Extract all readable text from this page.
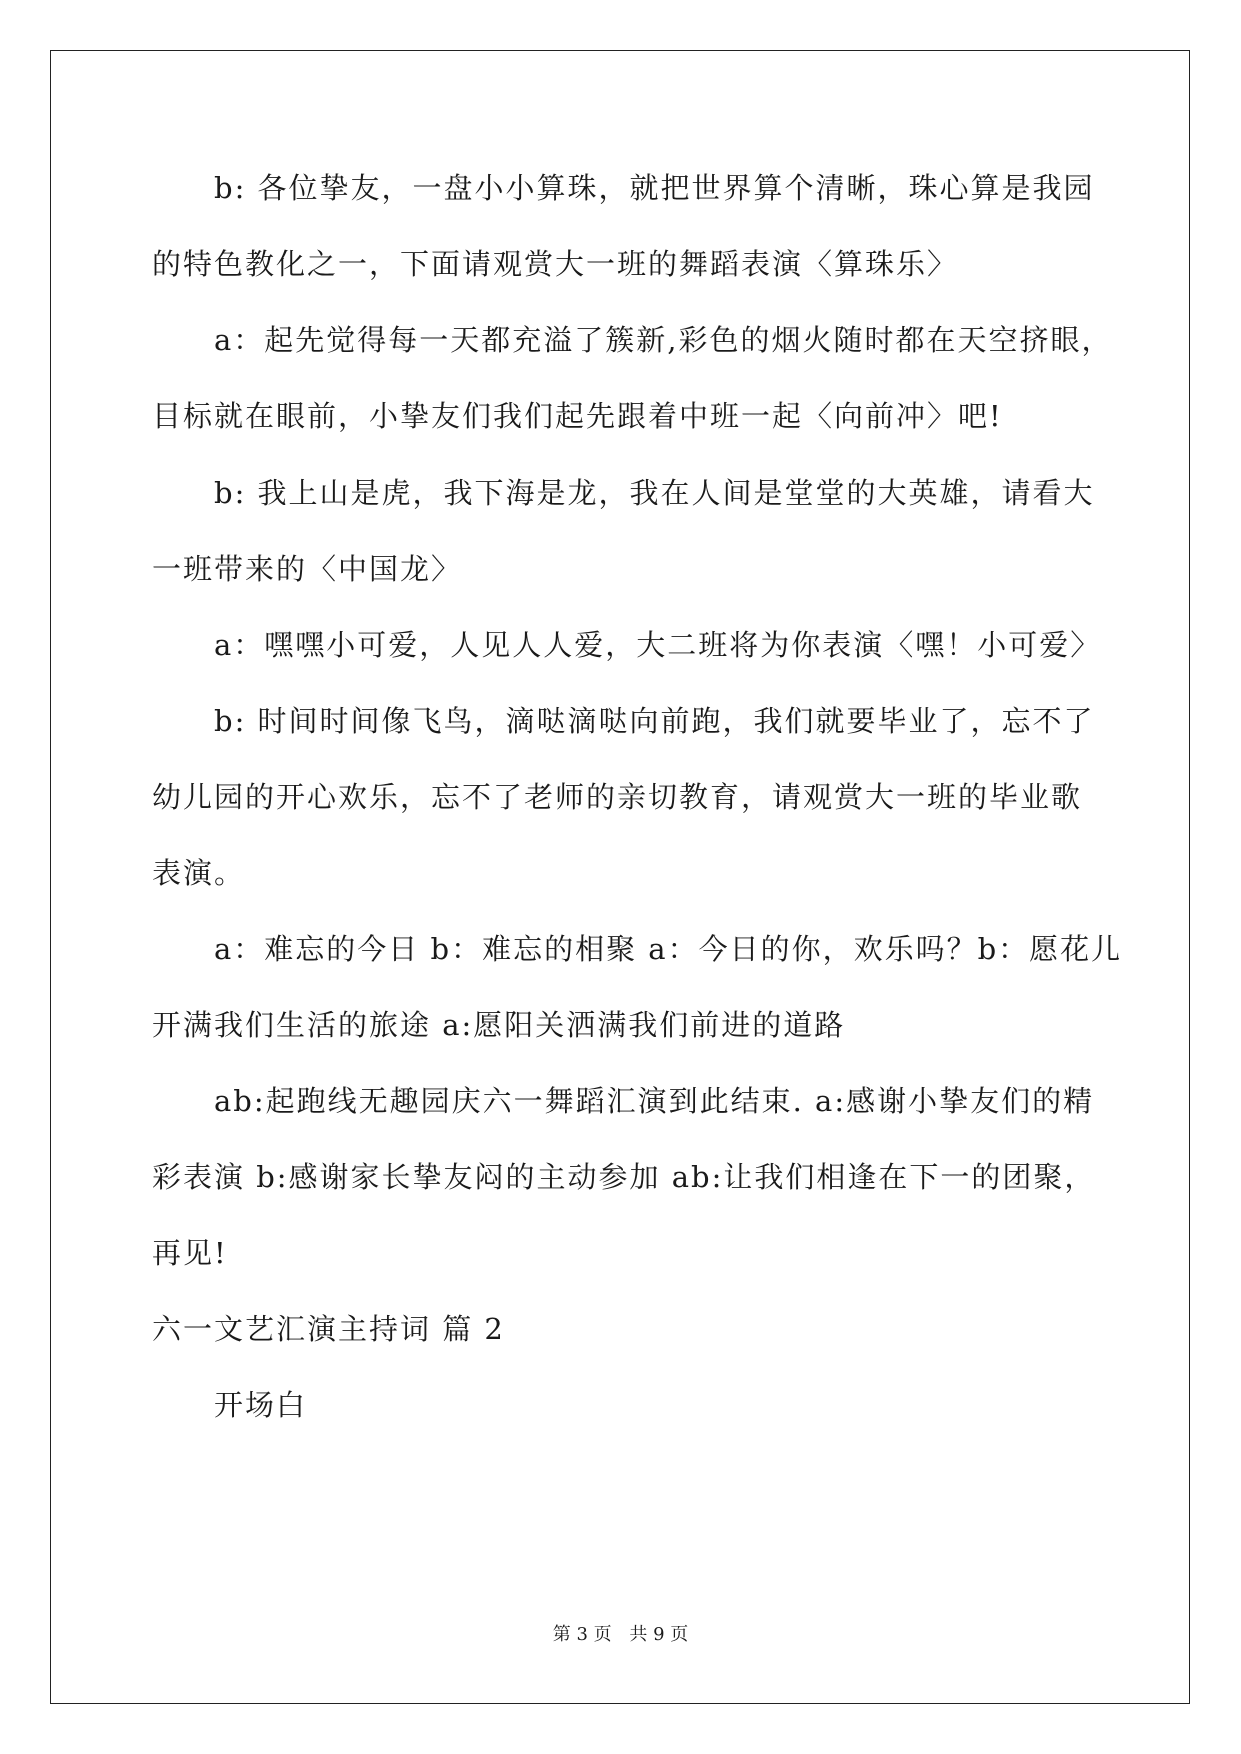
b: 各位挚友，一盘小小算珠，就把世界算个清晰，珠心算是我园
的特色教化之一，下面请观赏大一班的舞蹈表演〈算珠乐〉
a：起先觉得每一天都充溢了簇新,彩色的烟火随时都在天空挤眼，
目标就在眼前，小挚友们我们起先跟着中班一起〈向前冲〉吧!
b: 我上山是虎，我下海是龙，我在人间是堂堂的大英雄，请看大
一班带来的〈中国龙〉
a：嘿嘿小可爱，人见人人爱，大二班将为你表演〈嘿！小可爱〉
b: 时间时间像飞鸟，滴哒滴哒向前跑，我们就要毕业了，忘不了
幼儿园的开心欢乐，忘不了老师的亲切教育，请观赏大一班的毕业歌
表演。
a：难忘的今日 b：难忘的相聚 a：今日的你，欢乐吗？b：愿花儿
开满我们生活的旅途 a:愿阳关洒满我们前进的道路
ab:起跑线无趣园庆六一舞蹈汇演到此结束. a:感谢小挚友们的精
彩表演 b:感谢家长挚友闷的主动参加 ab:让我们相逢在下一的团聚，
再见!
六一文艺汇演主持词 篇 2
开场白
第 3 页 共 9 页
